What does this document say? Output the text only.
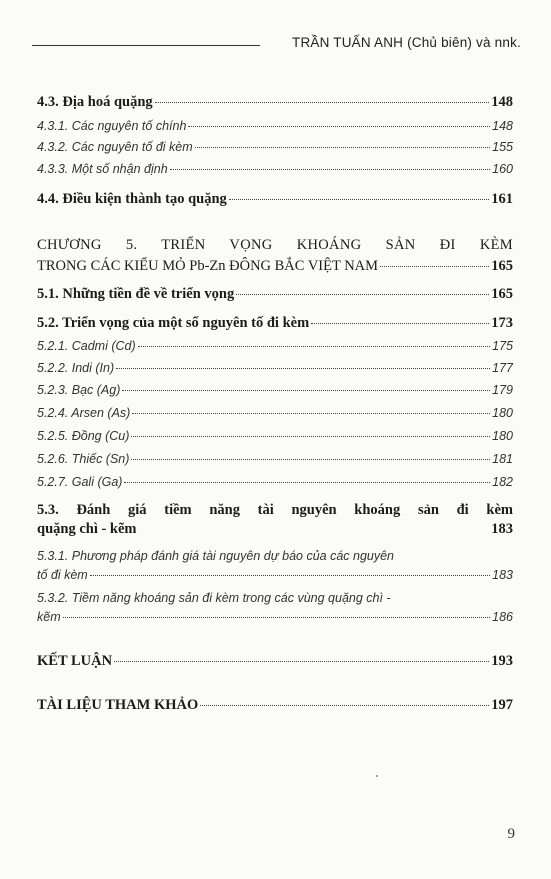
TRẦN TUẤN ANH (Chủ biên) và nnk.
4.3. Địa hoá quặng	148
4.3.1. Các nguyên tố chính	148
4.3.2. Các nguyên tố đi kèm	155
4.3.3. Một số nhận định	160
4.4. Điều kiện thành tạo quặng	161
CHƯƠNG 5. TRIỂN VỌNG KHOÁNG SẢN ĐI KÈM
TRONG CÁC KIỂU MỎ Pb-Zn ĐÔNG BẮC VIỆT NAM	165
5.1. Những tiền đề về triển vọng	165
5.2. Triển vọng của một số nguyên tố đi kèm	173
5.2.1. Cadmi (Cd)	175
5.2.2. Indi (In)	177
5.2.3. Bạc (Ag)	179
5.2.4. Arsen (As)	180
5.2.5. Đồng (Cu)	180
5.2.6. Thiếc (Sn)	181
5.2.7. Gali (Ga)	182
5.3. Đánh giá tiềm năng tài nguyên khoáng sản đi kèm
quặng chì - kẽm	183
5.3.1. Phương pháp đánh giá tài nguyên dự báo của các nguyên
tố đi kèm	183
5.3.2. Tiềm năng khoáng sản đi kèm trong các vùng quặng chì -
kẽm	186
KẾT LUẬN	193
TÀI LIỆU THAM KHẢO	197
9
